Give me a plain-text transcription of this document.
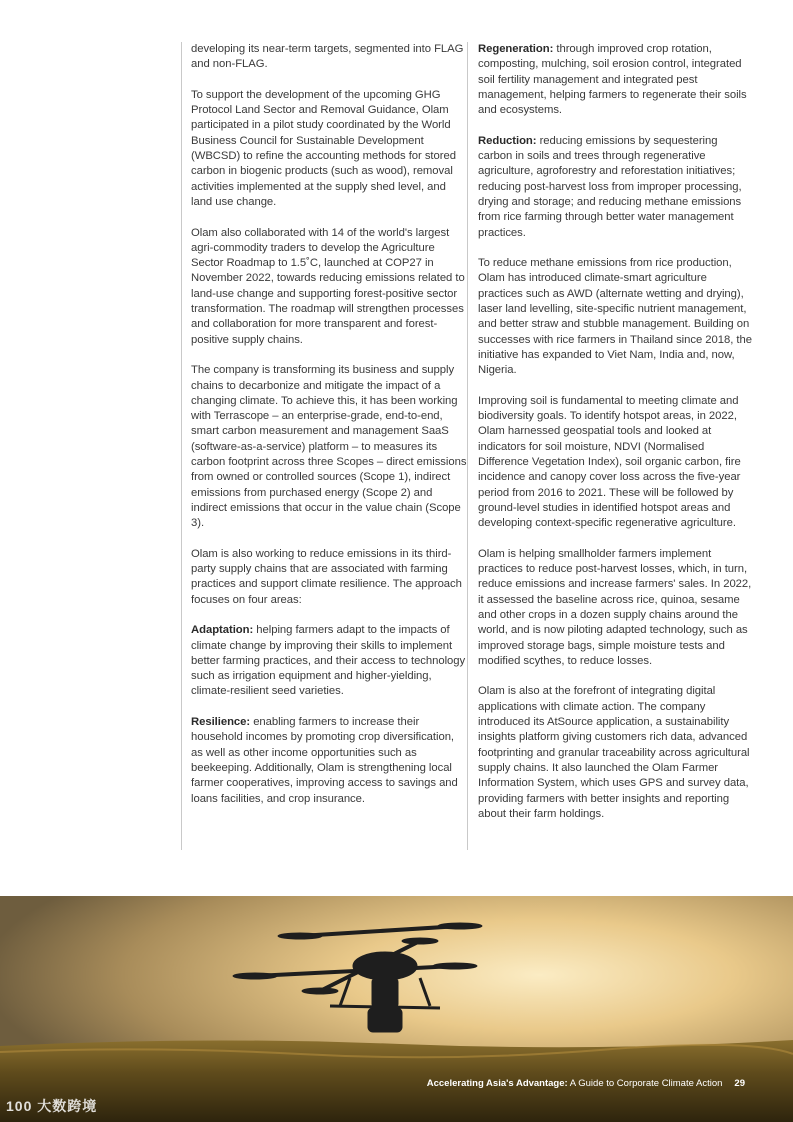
developing its near-term targets, segmented into FLAG and non-FLAG.

To support the development of the upcoming GHG Protocol Land Sector and Removal Guidance, Olam participated in a pilot study coordinated by the World Business Council for Sustainable Development (WBCSD) to refine the accounting methods for stored carbon in biogenic products (such as wood), removal activities implemented at the supply shed level, and land use change.

Olam also collaborated with 14 of the world's largest agri-commodity traders to develop the Agriculture Sector Roadmap to 1.5˚C, launched at COP27 in November 2022, towards reducing emissions related to land-use change and supporting forest-positive sector transformation. The roadmap will strengthen processes and collaboration for more transparent and forest-positive supply chains.

The company is transforming its business and supply chains to decarbonize and mitigate the impact of a changing climate. To achieve this, it has been working with Terrascope – an enterprise-grade, end-to-end, smart carbon measurement and management SaaS (software-as-a-service) platform – to measures its carbon footprint across three Scopes – direct emissions from owned or controlled sources (Scope 1), indirect emissions from purchased energy (Scope 2) and indirect emissions that occur in the value chain (Scope 3).

Olam is also working to reduce emissions in its third-party supply chains that are associated with farming practices and support climate resilience. The approach focuses on four areas:

Adaptation: helping farmers adapt to the impacts of climate change by improving their skills to implement better farming practices, and their access to technology such as irrigation equipment and higher-yielding, climate-resilient seed varieties.

Resilience: enabling farmers to increase their household incomes by promoting crop diversification, as well as other income opportunities such as beekeeping. Additionally, Olam is strengthening local farmer cooperatives, improving access to savings and loans facilities, and crop insurance.

Regeneration: through improved crop rotation, composting, mulching, soil erosion control, integrated soil fertility management and integrated pest management, helping farmers to regenerate their soils and ecosystems.

Reduction: reducing emissions by sequestering carbon in soils and trees through regenerative agriculture, agroforestry and reforestation initiatives; reducing post-harvest loss from improper processing, drying and storage; and reducing methane emissions from rice farming through better water management practices.

To reduce methane emissions from rice production, Olam has introduced climate-smart agriculture practices such as AWD (alternate wetting and drying), laser land levelling, site-specific nutrient management, and better straw and stubble management. Building on successes with rice farmers in Thailand since 2018, the initiative has expanded to Viet Nam, India and, now, Nigeria.

Improving soil is fundamental to meeting climate and biodiversity goals. To identify hotspot areas, in 2022, Olam harnessed geospatial tools and looked at indicators for soil moisture, NDVI (Normalised Difference Vegetation Index), soil organic carbon, fire incidence and canopy cover loss across the five-year period from 2016 to 2021. These will be followed by ground-level studies in identified hotspot areas and developing context-specific regenerative agriculture.

Olam is helping smallholder farmers implement practices to reduce post-harvest losses, which, in turn, reduce emissions and increase farmers' sales. In 2022, it assessed the baseline across rice, quinoa, sesame and other crops in a dozen supply chains around the world, and is now piloting adapted technology, such as improved storage bags, simple moisture tests and modified scythes, to reduce losses.

Olam is also at the forefront of integrating digital applications with climate action. The company introduced its AtSource application, a sustainability insights platform giving customers rich data, advanced footprinting and granular traceability across agricultural supply chains. It also launched the Olam Farmer Information System, which uses GPS and survey data, providing farmers with better insights and reporting about their farm holdings.

Accelerating Asia's Advantage: A Guide to Corporate Climate Action 29
100 大数跨境
